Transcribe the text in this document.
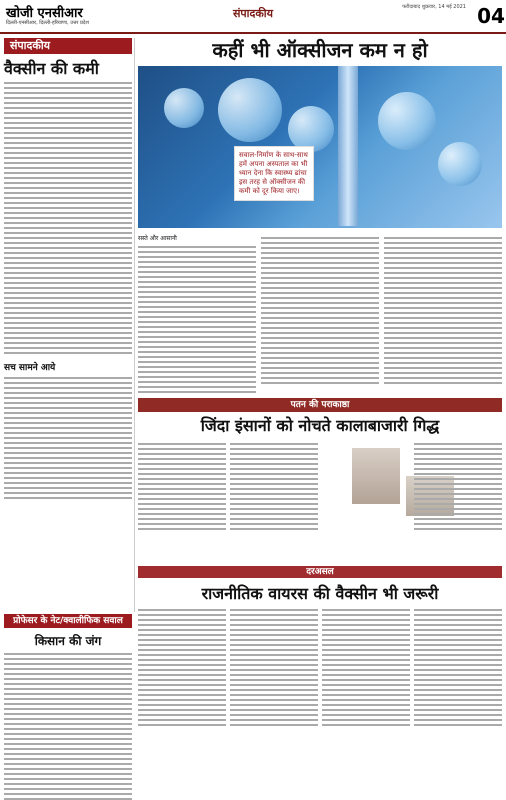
खोजी एनसीआर
दिल्ली-एनसीआर, दिल्ली-हरियाणा, उत्तर प्रदेश
संपादकीय	फरीदाबाद शुक्रवार, 14 मई 2021 04
संपादकीय
वैक्सीन की कमी
सच सामने आये
कहीं भी ऑक्सीजन कम न हो
सवाल-निर्माण के साथ-साथ हमें अपना अस्पताल का भी ध्यान देना कि स्वास्थ्य ढांचा इस तरह से ऑक्सीजन की कमी को दूर किया जाए।
सस्ते और आसानी
पतन की पराकाष्ठा
जिंदा इंसानों को नोचते कालाबाजारी गिद्ध
दरअसल
राजनीतिक वायरस की वैक्सीन भी जरूरी
प्रोफेसर के नेट/क्वालीफिक सवाल
किसान की जंग
